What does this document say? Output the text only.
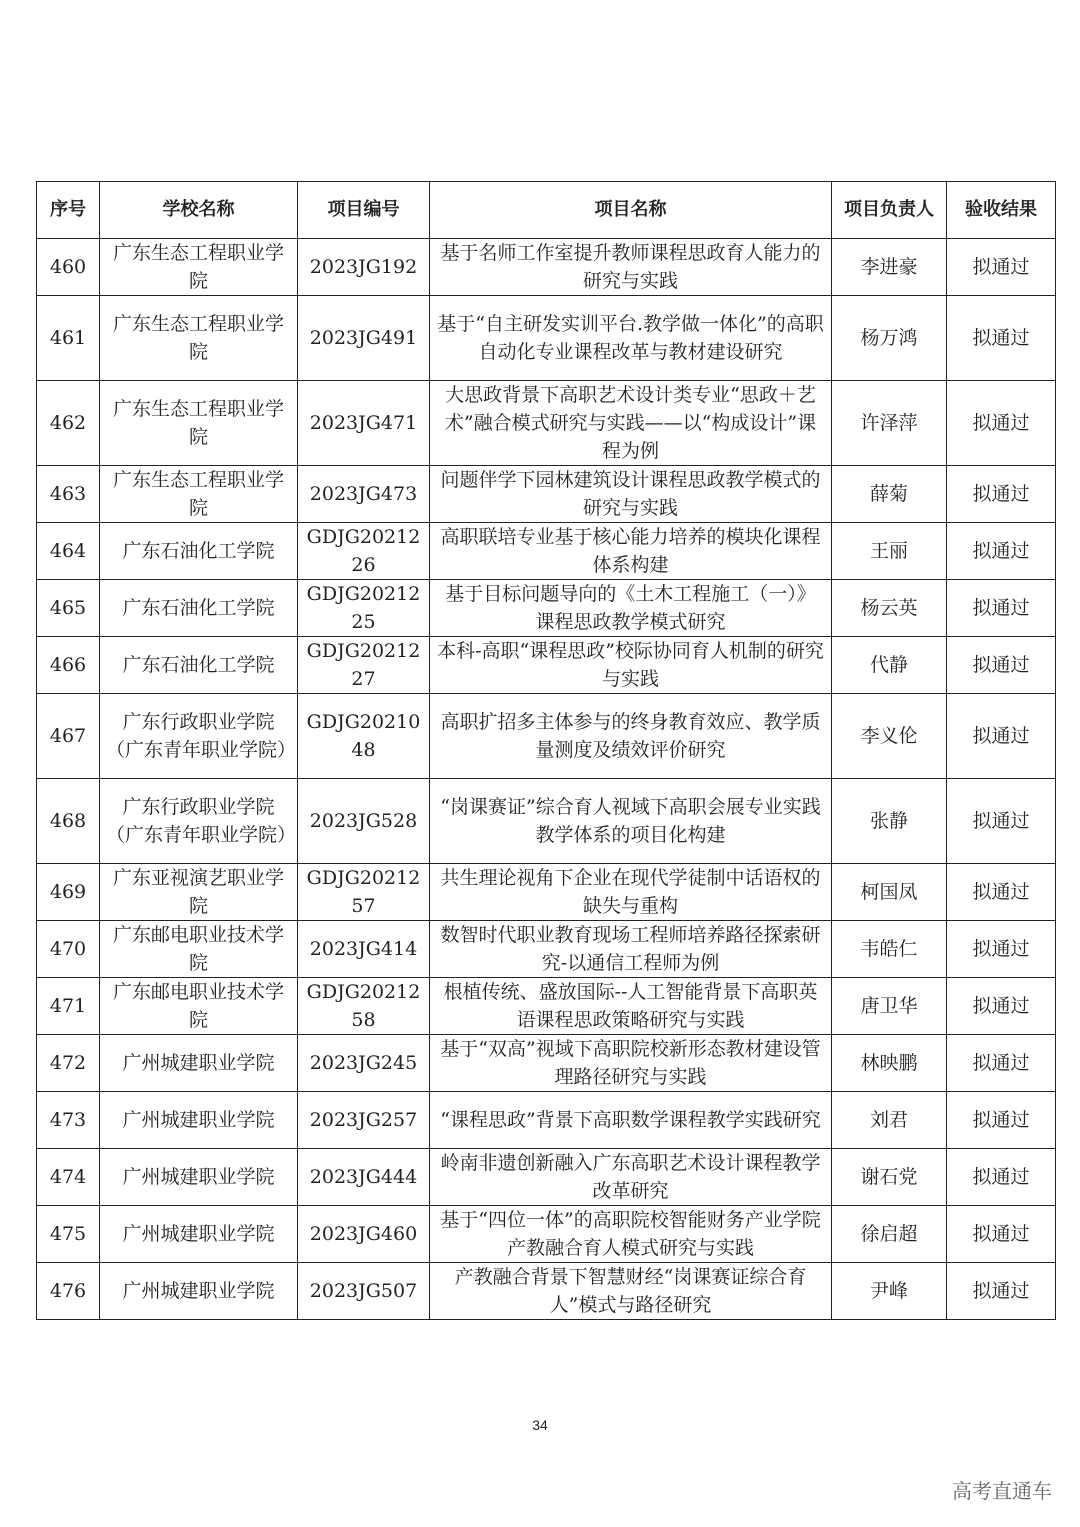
序号	学校名称	项目编号	项目名称	项目负责人	验收结果
460	广东生态工程职业学院	2023JG192	基于名师工作室提升教师课程思政育人能力的研究与实践	李进豪	拟通过
461	广东生态工程职业学院	2023JG491	基于“自主研发实训平台.教学做一体化”的高职自动化专业课程改革与教材建设研究	杨万鸿	拟通过
462	广东生态工程职业学院	2023JG471	大思政背景下高职艺术设计类专业“思政＋艺术”融合模式研究与实践——以“构成设计”课程为例	许泽萍	拟通过
463	广东生态工程职业学院	2023JG473	问题伴学下园林建筑设计课程思政教学模式的研究与实践	薛菊	拟通过
464	广东石油化工学院	GDJG2021226	高职联培专业基于核心能力培养的模块化课程体系构建	王丽	拟通过
465	广东石油化工学院	GDJG2021225	基于目标问题导向的《土木工程施工（一）》课程思政教学模式研究	杨云英	拟通过
466	广东石油化工学院	GDJG2021227	本科-高职“课程思政”校际协同育人机制的研究与实践	代静	拟通过
467	广东行政职业学院（广东青年职业学院）	GDJG2021048	高职扩招多主体参与的终身教育效应、教学质量测度及绩效评价研究	李义伦	拟通过
468	广东行政职业学院（广东青年职业学院）	2023JG528	“岗课赛证”综合育人视域下高职会展专业实践教学体系的项目化构建	张静	拟通过
469	广东亚视演艺职业学院	GDJG2021257	共生理论视角下企业在现代学徒制中话语权的缺失与重构	柯国凤	拟通过
470	广东邮电职业技术学院	2023JG414	数智时代职业教育现场工程师培养路径探索研究-以通信工程师为例	韦皓仁	拟通过
471	广东邮电职业技术学院	GDJG2021258	根植传统、盛放国际--人工智能背景下高职英语课程思政策略研究与实践	唐卫华	拟通过
472	广州城建职业学院	2023JG245	基于“双高”视域下高职院校新形态教材建设管理路径研究与实践	林映鹏	拟通过
473	广州城建职业学院	2023JG257	“课程思政”背景下高职数学课程教学实践研究	刘君	拟通过
474	广州城建职业学院	2023JG444	岭南非遗创新融入广东高职艺术设计课程教学改革研究	谢石党	拟通过
475	广州城建职业学院	2023JG460	基于“四位一体”的高职院校智能财务产业学院产教融合育人模式研究与实践	徐启超	拟通过
476	广州城建职业学院	2023JG507	产教融合背景下智慧财经“岗课赛证综合育人”模式与路径研究	尹峰	拟通过
34
高考直通车
